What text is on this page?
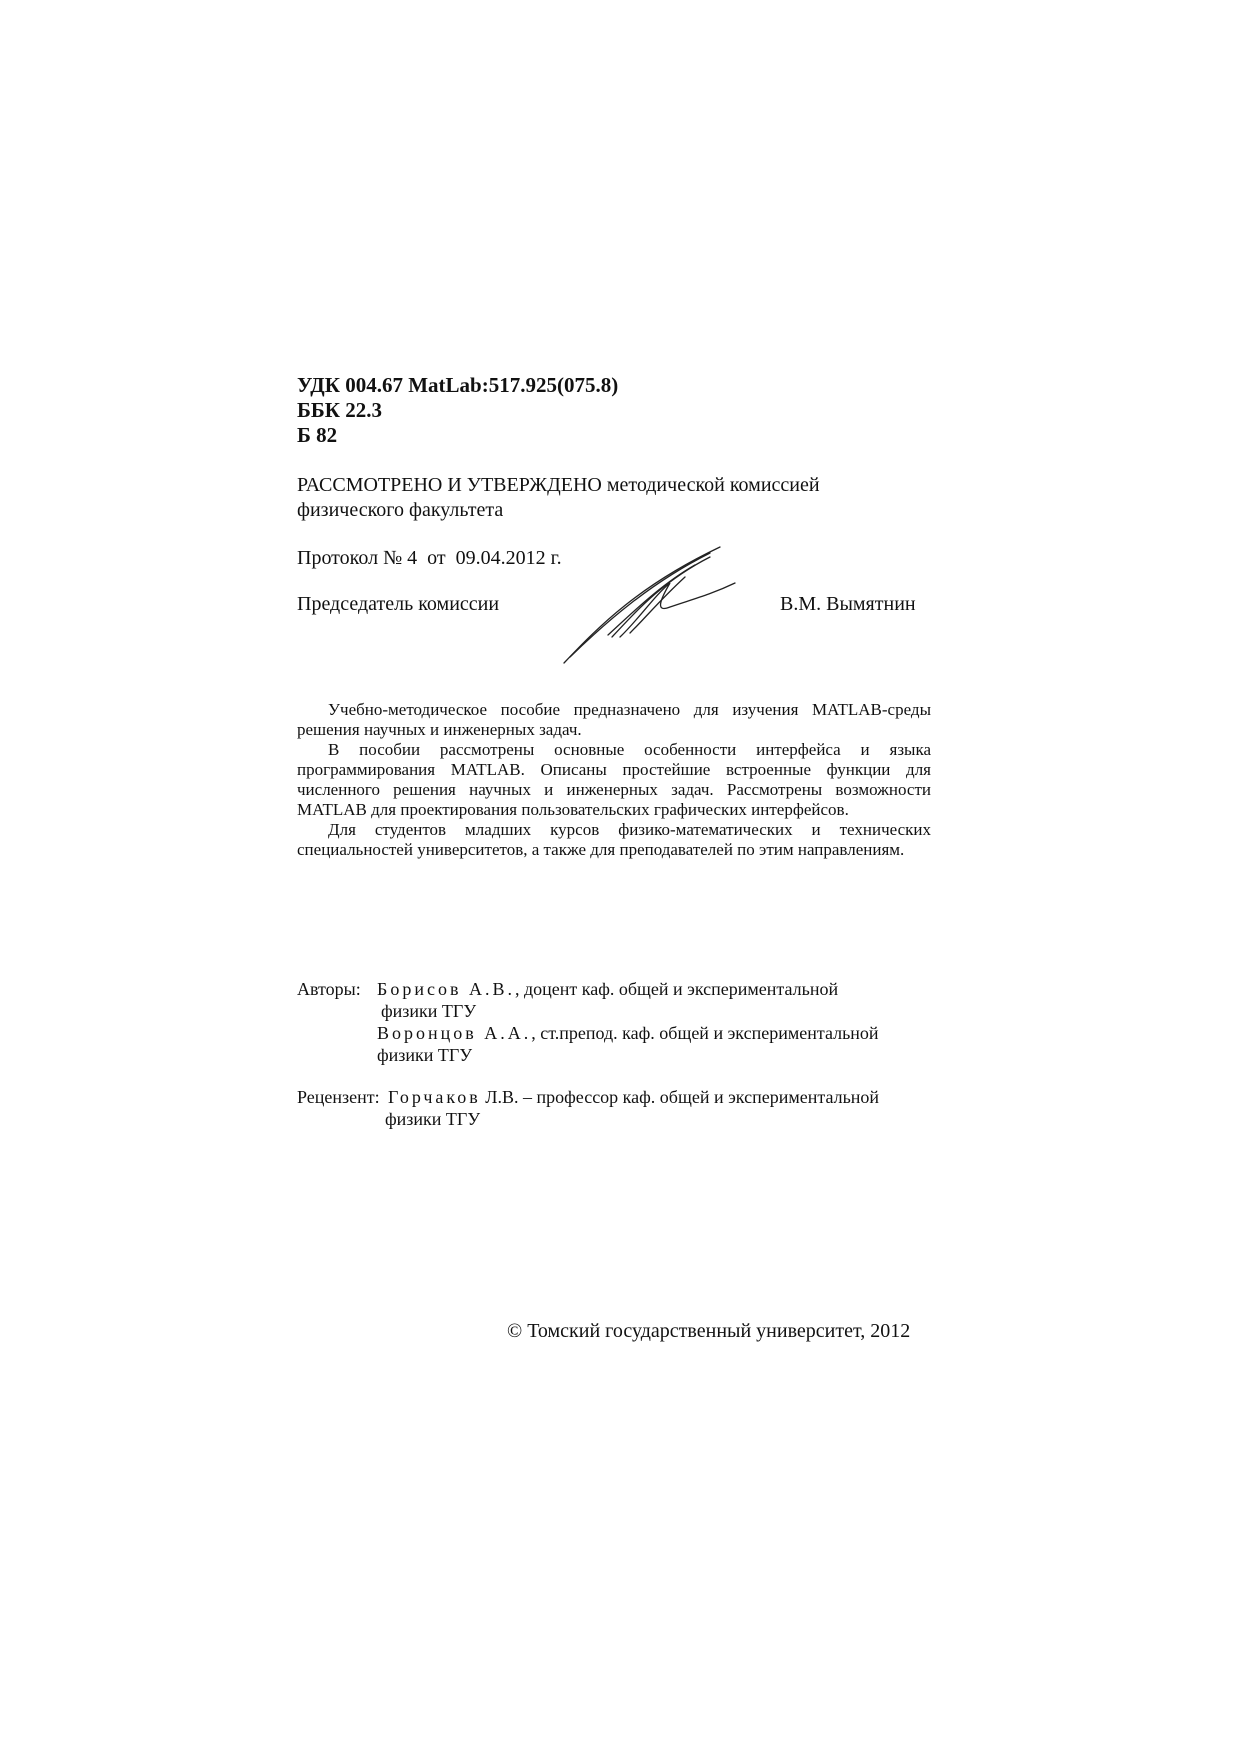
УДК 004.67 MatLab:517.925(075.8)
ББК 22.3
Б 82
РАССМОТРЕНО И УТВЕРЖДЕНО методической комиссией
физического факультета
Протокол № 4  от  09.04.2012 г.
Председатель комиссии	В.М. Вымятнин

Учебно-методическое пособие предназначено для изучения MATLAB-среды решения научных и инженерных задач.

В пособии рассмотрены основные особенности интерфейса и языка программирования MATLAB. Описаны простейшие встроенные функции для численного решения научных и инженерных задач. Рассмотрены возможности MATLAB для проектирования пользовательских графических интерфейсов.

Для студентов младших курсов физико-математических и технических специальностей университетов, а также для преподавателей по этим направлениям.

Авторы: Борисов А.В., доцент каф. общей и экспериментальной
физики ТГУ
Воронцов А.А., ст.препод. каф. общей и экспериментальной
физики ТГУ
Рецензент: Горчаков Л.В. – профессор каф. общей и экспериментальной
физики ТГУ
© Томский государственный университет, 2012
